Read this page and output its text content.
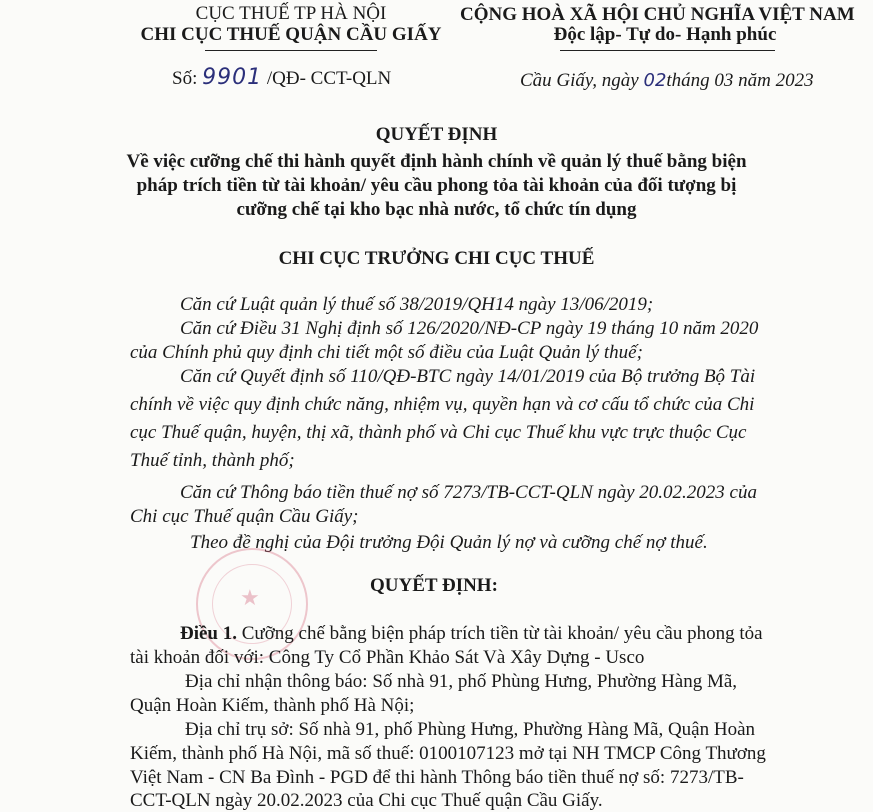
CỤC THUẾ TP HÀ NỘI
CHI CỤC THUẾ QUẬN CẦU GIẤY
Số: 9901 /QĐ- CCT-QLN
CỘNG HOÀ XÃ HỘI CHỦ NGHĨA VIỆT NAM
Độc lập- Tự do- Hạnh phúc
Cầu Giấy, ngày 02tháng 03 năm 2023
QUYẾT ĐỊNH
Về việc cưỡng chế thi hành quyết định hành chính về quản lý thuế bằng biện
pháp trích tiền từ tài khoản/ yêu cầu phong tỏa tài khoản của đối tượng bị
cưỡng chế tại kho bạc nhà nước, tổ chức tín dụng
CHI CỤC TRƯỞNG CHI CỤC THUẾ
Căn cứ Luật quản lý thuế số 38/2019/QH14 ngày 13/06/2019;
Căn cứ Điều 31 Nghị định số 126/2020/NĐ-CP ngày 19 tháng 10 năm 2020
của Chính phủ quy định chi tiết một số điều của Luật Quản lý thuế;
Căn cứ Quyết định số 110/QĐ-BTC ngày 14/01/2019 của Bộ trưởng Bộ Tài
chính về việc quy định chức năng, nhiệm vụ, quyền hạn và cơ cấu tổ chức của Chi
cục Thuế quận, huyện, thị xã, thành phố và Chi cục Thuế khu vực trực thuộc Cục
Thuế tỉnh, thành phố;
Căn cứ Thông báo tiền thuế nợ số 7273/TB-CCT-QLN ngày 20.02.2023 của
Chi cục Thuế quận Cầu Giấy;
Theo đề nghị của Đội trưởng Đội Quản lý nợ và cưỡng chế nợ thuế.
★
QUYẾT ĐỊNH:
Điều 1. Cưỡng chế bằng biện pháp trích tiền từ tài khoản/ yêu cầu phong tỏa
tài khoản đối với: Công Ty Cổ Phần Khảo Sát Và Xây Dựng - Usco
Địa chỉ nhận thông báo: Số nhà 91, phố Phùng Hưng, Phường Hàng Mã,
Quận Hoàn Kiếm, thành phố Hà Nội;
Địa chỉ trụ sở: Số nhà 91, phố Phùng Hưng, Phường Hàng Mã, Quận Hoàn
Kiếm, thành phố Hà Nội, mã số thuế: 0100107123 mở tại NH TMCP Công Thương
Việt Nam - CN Ba Đình - PGD để thi hành Thông báo tiền thuế nợ số: 7273/TB-
CCT-QLN ngày 20.02.2023 của Chi cục Thuế quận Cầu Giấy.
